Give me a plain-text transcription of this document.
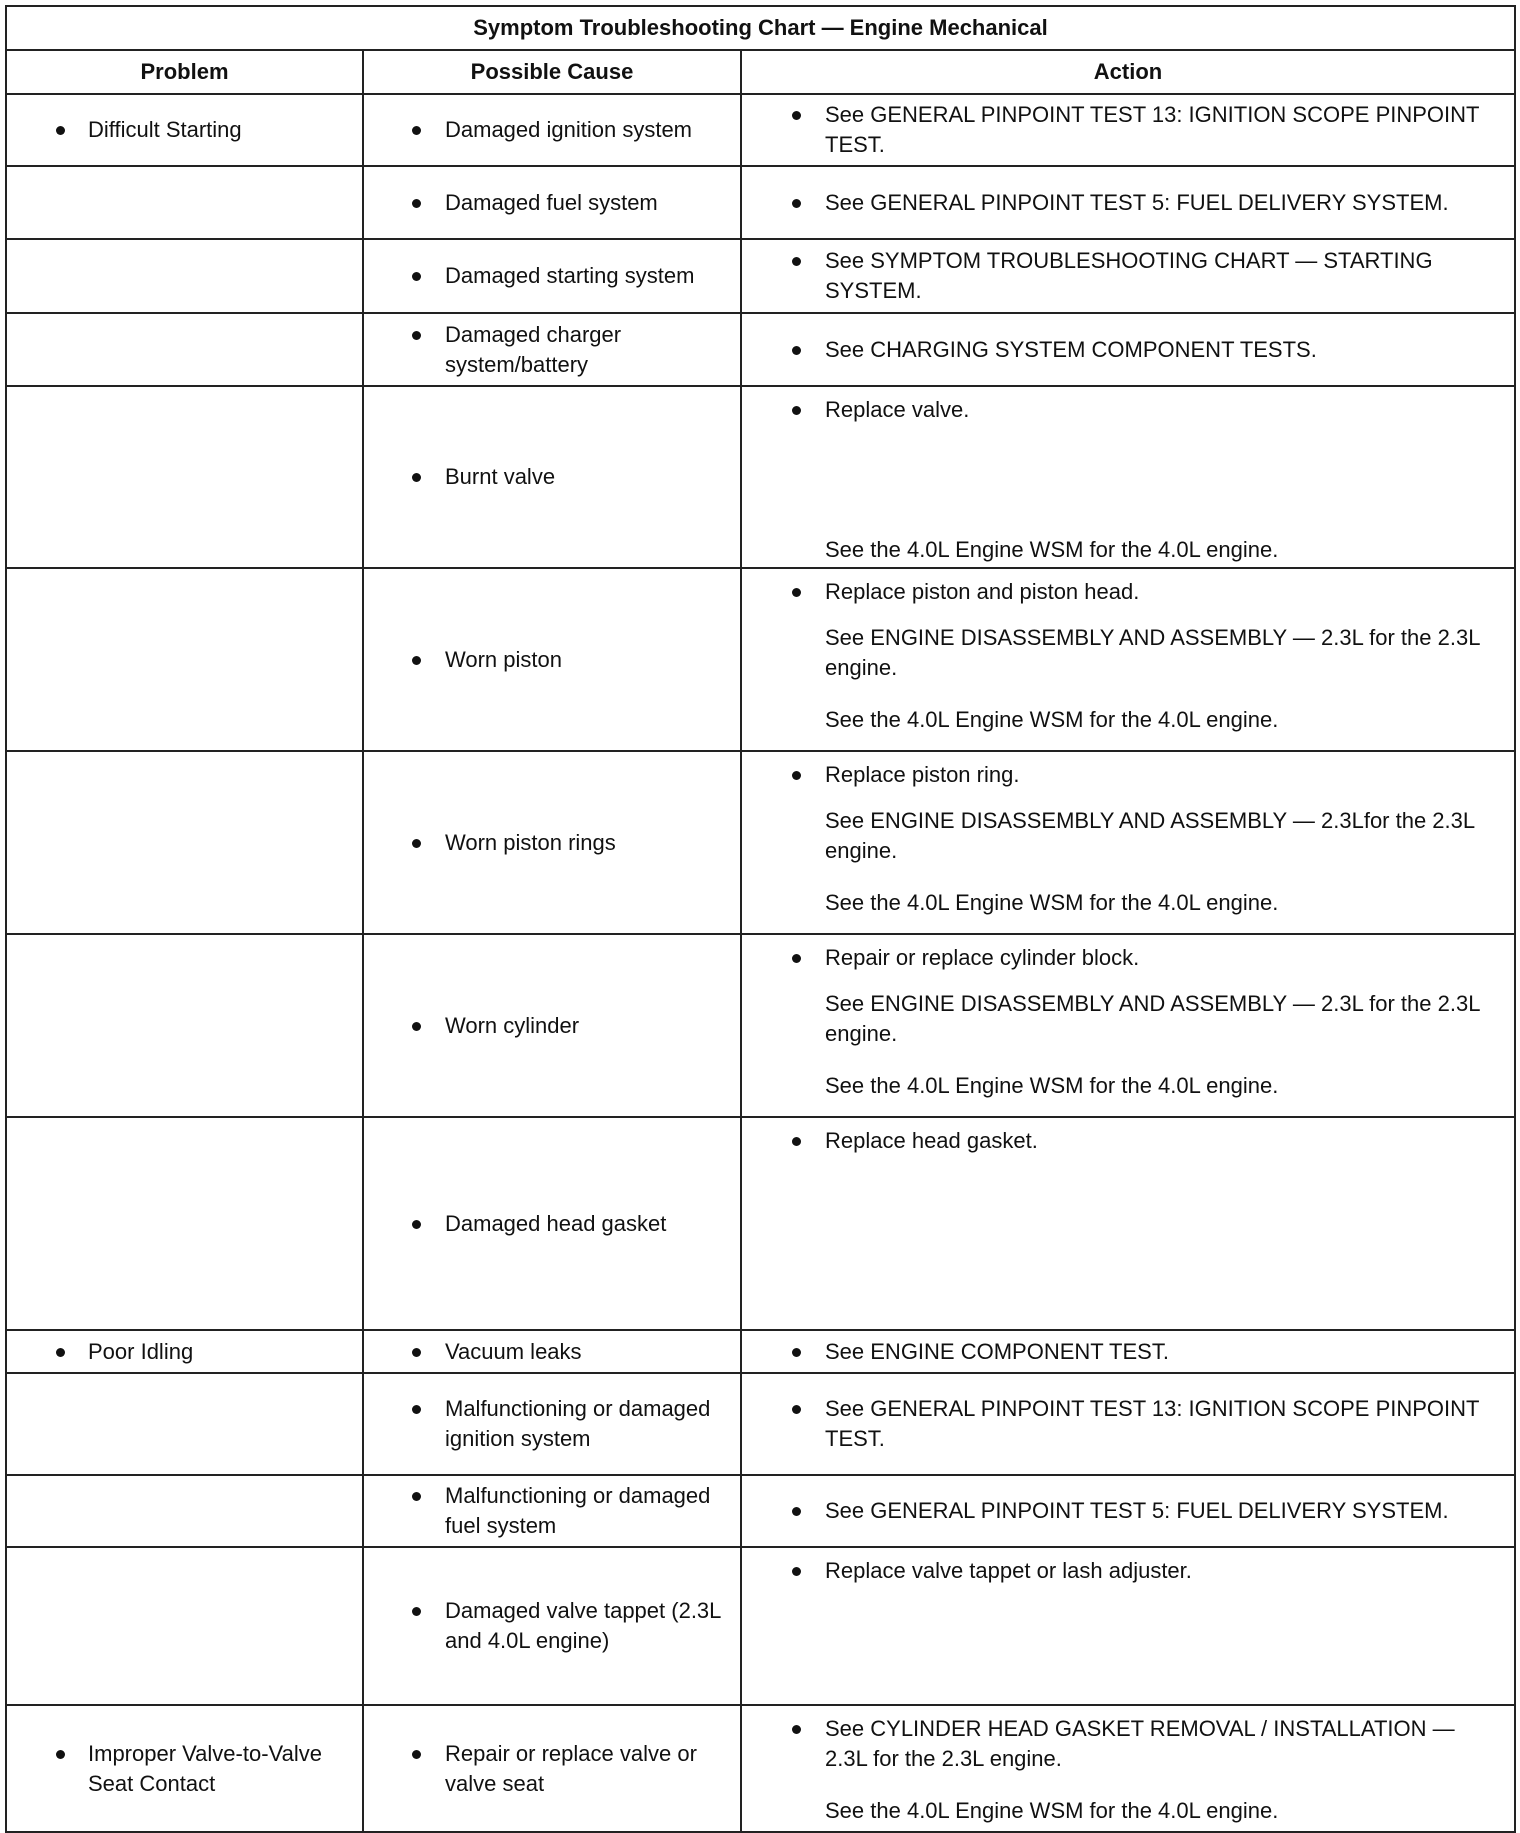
Symptom Troubleshooting Chart — Engine Mechanical		
Problem	Possible Cause	Action

Difficult Starting	Damaged ignition system	See GENERAL PINPOINT TEST 13: IGNITION SCOPE PINPOINT TEST.

	Damaged fuel system	See GENERAL PINPOINT TEST 5: FUEL DELIVERY SYSTEM.

	Damaged starting system	See SYMPTOM TROUBLESHOOTING CHART — STARTING SYSTEM.

	Damaged charger system/battery	See CHARGING SYSTEM COMPONENT TESTS.

	Burnt valve	Replace valve.
See the 4.0L Engine WSM for the 4.0L engine.

	Worn piston	Replace piston and piston head.
See ENGINE DISASSEMBLY AND ASSEMBLY — 2.3L for the 2.3L engine.
See the 4.0L Engine WSM for the 4.0L engine.

	Worn piston rings	Replace piston ring.
See ENGINE DISASSEMBLY AND ASSEMBLY — 2.3Lfor the 2.3L engine.
See the 4.0L Engine WSM for the 4.0L engine.

	Worn cylinder	Repair or replace cylinder block.
See ENGINE DISASSEMBLY AND ASSEMBLY — 2.3L for the 2.3L engine.
See the 4.0L Engine WSM for the 4.0L engine.

	Damaged head gasket	Replace head gasket.

Poor Idling	Vacuum leaks	See ENGINE COMPONENT TEST.

	Malfunctioning or damaged ignition system	See GENERAL PINPOINT TEST 13: IGNITION SCOPE PINPOINT TEST.

	Malfunctioning or damaged fuel system	See GENERAL PINPOINT TEST 5: FUEL DELIVERY SYSTEM.

	Damaged valve tappet (2.3L and 4.0L engine)	Replace valve tappet or lash adjuster.

Improper Valve-to-Valve Seat Contact	Repair or replace valve or valve seat	See CYLINDER HEAD GASKET REMOVAL / INSTALLATION — 2.3L for the 2.3L engine.
See the 4.0L Engine WSM for the 4.0L engine.
